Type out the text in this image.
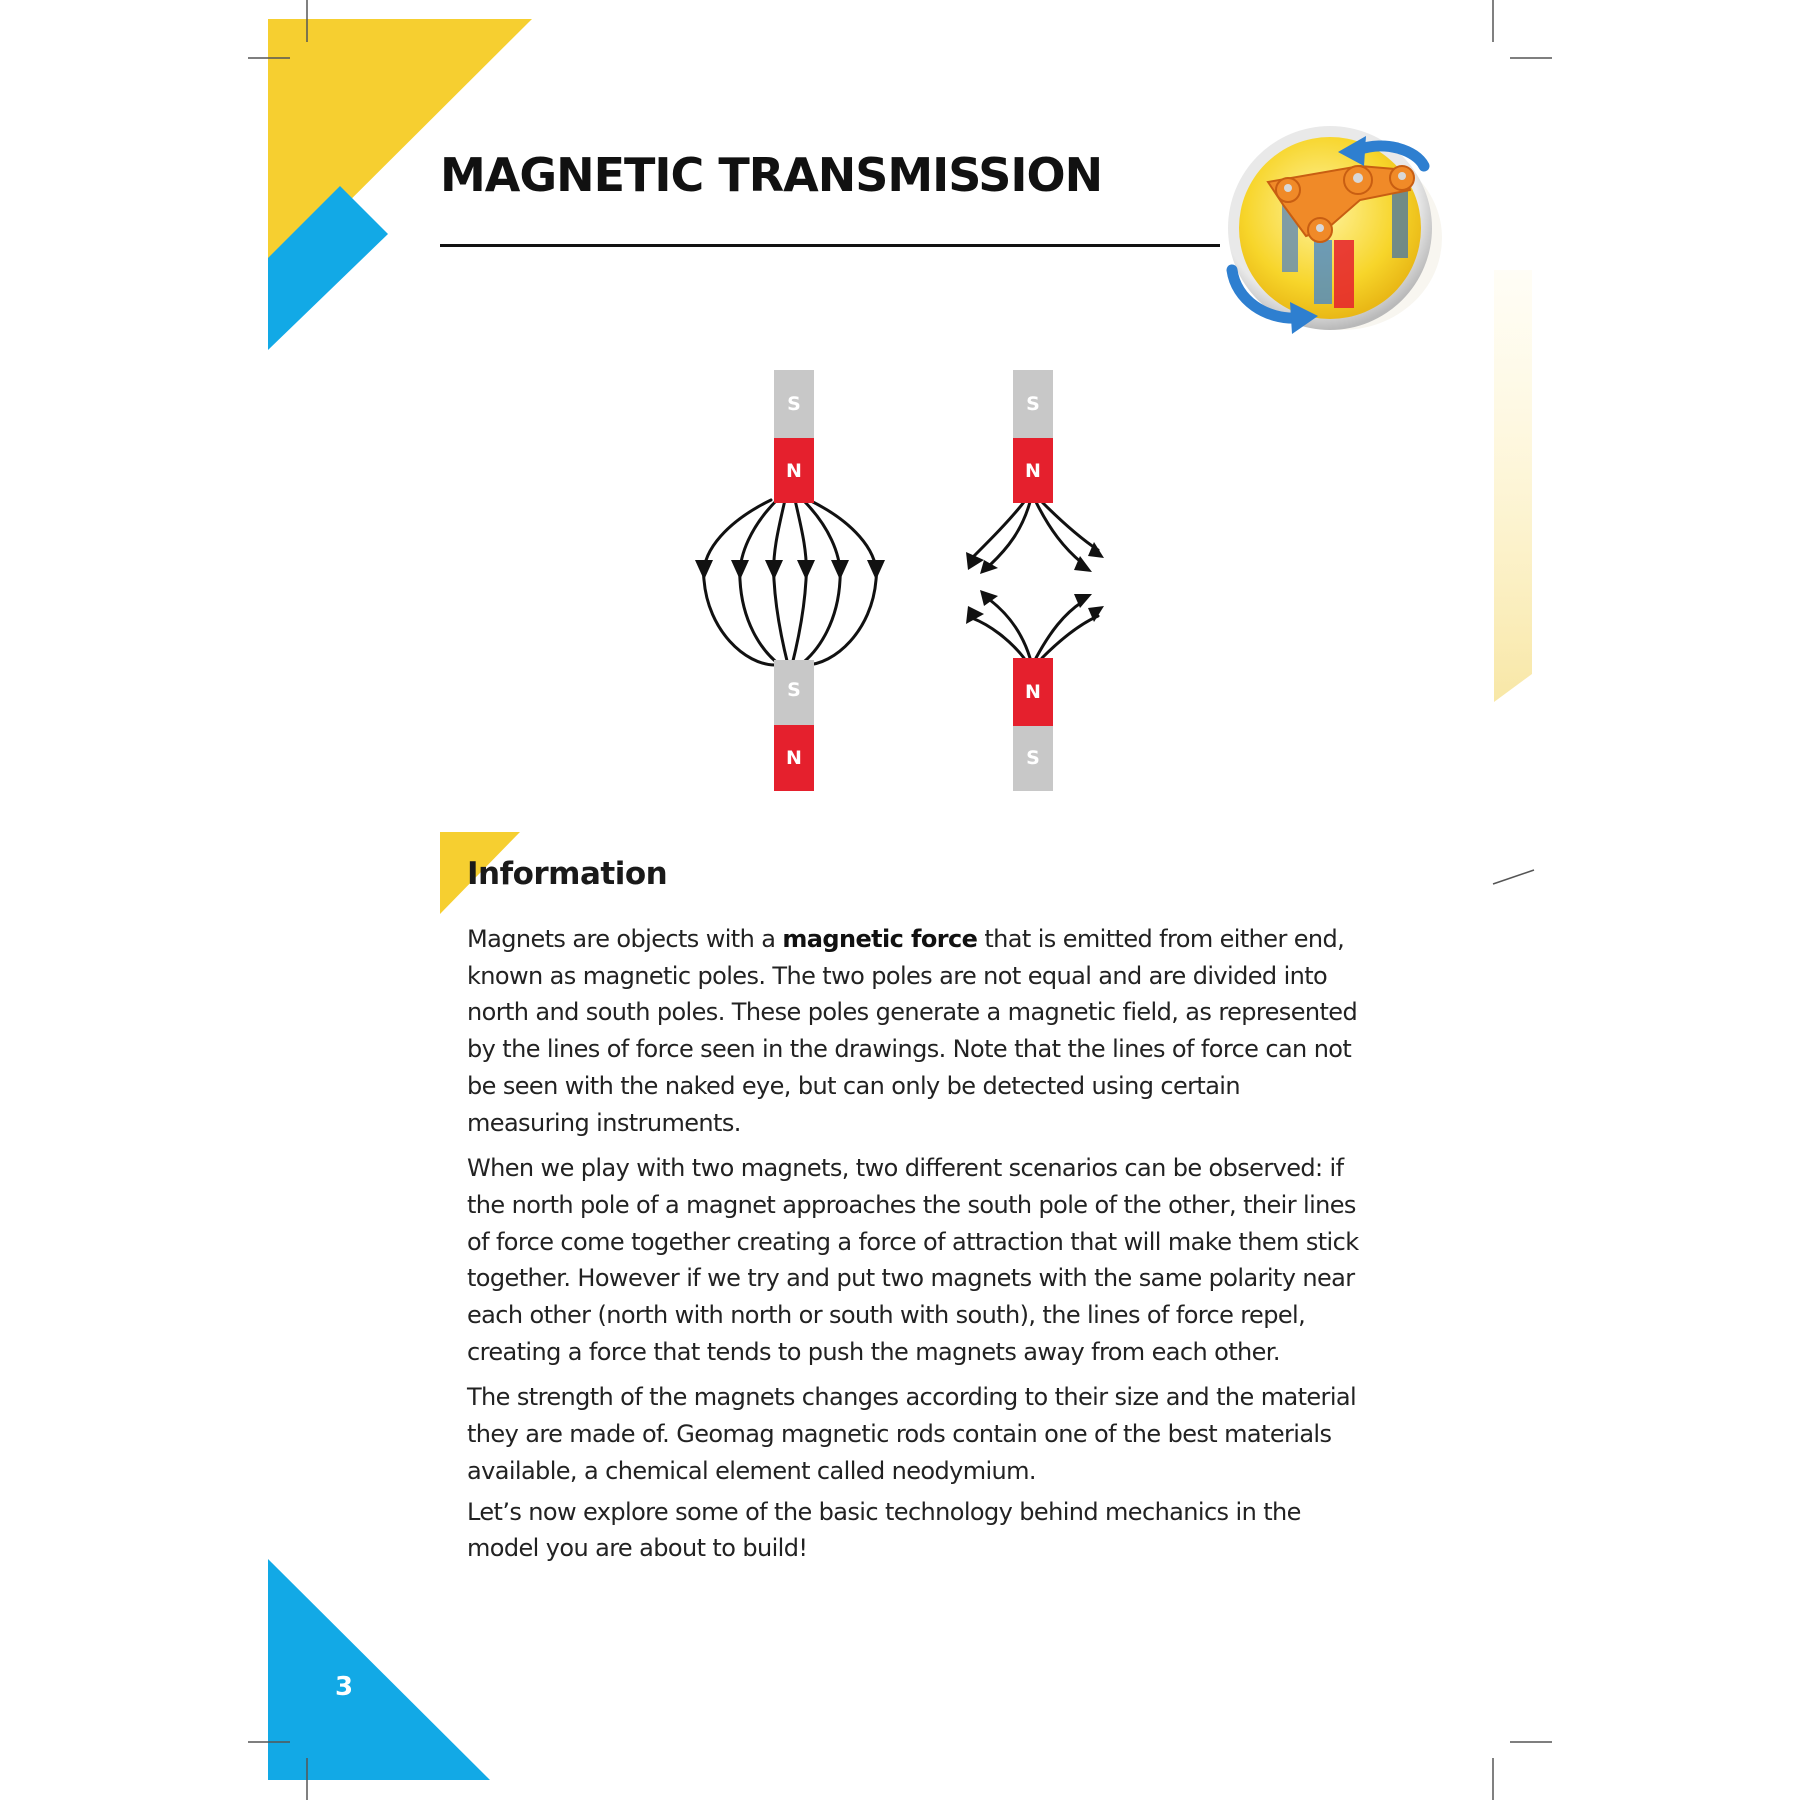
MAGNETIC TRANSMISSION
S
N
S
N
S
N
N
S
Information

Magnets are objects with a magnetic force that is emitted from either end, known as magnetic poles. The two poles are not equal and are divided into north and south poles. These poles generate a magnetic field, as represented by the lines of force seen in the drawings. Note that the lines of force can not be seen with the naked eye, but can only be detected using certain measuring instruments.

When we play with two magnets, two different scenarios can be observed: if the north pole of a magnet approaches the south pole of the other, their lines of force come together creating a force of attraction that will make them stick together. However if we try and put two magnets with the same polarity near each other (north with north or south with south), the lines of force repel, creating a force that tends to push the magnets away from each other.

The strength of the magnets changes according to their size and the material they are made of. Geomag magnetic rods contain one of the best materials available, a chemical element called neodymium.

Let’s now explore some of the basic technology behind mechanics in the model you are about to build!

3
